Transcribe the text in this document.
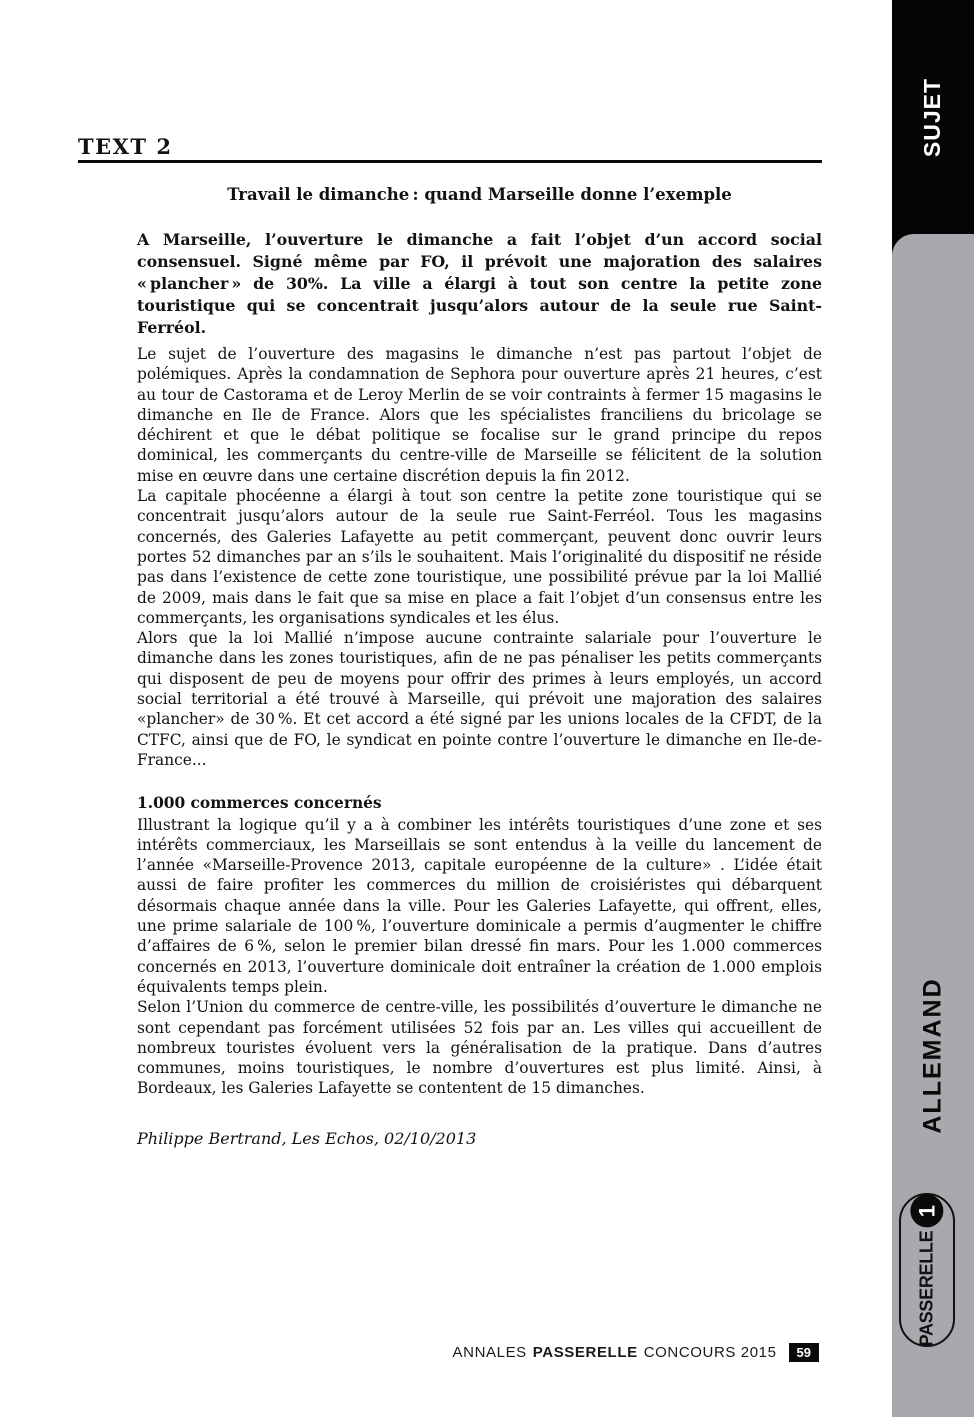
SUJET
ALLEMAND
PASSERELLE
1
TEXT 2
Travail le dimanche : quand Marseille donne l’exemple
A Marseille, l’ouverture le dimanche a fait l’objet d’un accord social consensuel. Signé même par FO, il prévoit une majoration des salaires « plancher » de 30%. La ville a élargi à tout son centre la petite zone touristique qui se concentrait jusqu’alors autour de la seule rue Saint-Ferréol.

Le sujet de l’ouverture des magasins le dimanche n’est pas partout l’objet de polémiques. Après la condamnation de Sephora pour ouverture après 21 heures, c’est au tour de Castorama et de Leroy Merlin de se voir contraints à fermer 15 magasins le dimanche en Ile de France. Alors que les spécialistes franciliens du bricolage se déchirent et que le débat politique se focalise sur le grand principe du repos dominical, les commerçants du centre-ville de Marseille se félicitent de la solution mise en œuvre dans une certaine discrétion depuis la fin 2012.

La capitale phocéenne a élargi à tout son centre la petite zone touristique qui se concentrait jusqu’alors autour de la seule rue Saint-Ferréol. Tous les magasins concernés, des Galeries Lafayette au petit commerçant, peuvent donc ouvrir leurs portes 52 dimanches par an s’ils le souhaitent. Mais l’originalité du dispositif ne réside pas dans l’existence de cette zone touristique, une possibilité prévue par la loi Mallié de 2009, mais dans le fait que sa mise en place a fait l’objet d’un consensus entre les commerçants, les organisations syndicales et les élus.

Alors que la loi Mallié n’impose aucune contrainte salariale pour l’ouverture le dimanche dans les zones touristiques, afin de ne pas pénaliser les petits commerçants qui disposent de peu de moyens pour offrir des primes à leurs employés, un accord social territorial a été trouvé à Marseille, qui prévoit une majoration des salaires «plancher» de 30 %. Et cet accord a été signé par les unions locales de la CFDT, de la CTFC, ainsi que de FO, le syndicat en pointe contre l’ouverture le dimanche en Ile-de-France...

1.000 commerces concernés

Illustrant la logique qu’il y a à combiner les intérêts touristiques d’une zone et ses intérêts commerciaux, les Marseillais se sont entendus à la veille du lancement de l’année «Marseille-Provence 2013, capitale européenne de la culture» . L’idée était aussi de faire profiter les commerces du million de croisiéristes qui débarquent désormais chaque année dans la ville. Pour les Galeries Lafayette, qui offrent, elles, une prime salariale de 100 %, l’ouverture dominicale a permis d’augmenter le chiffre d’affaires de 6 %, selon le premier bilan dressé fin mars. Pour les 1.000 commerces concernés en 2013, l’ouverture dominicale doit entraîner la création de 1.000 emplois équivalents temps plein.

Selon l’Union du commerce de centre-ville, les possibilités d’ouverture le dimanche ne sont cependant pas forcément utilisées 52 fois par an. Les villes qui accueillent de nombreux touristes évoluent vers la généralisation de la pratique. Dans d’autres communes, moins touristiques, le nombre d’ouvertures est plus limité. Ainsi, à Bordeaux, les Galeries Lafayette se contentent de 15 dimanches.

Philippe Bertrand, Les Echos, 02/10/2013

ANNALES PASSERELLE CONCOURS 2015	59
